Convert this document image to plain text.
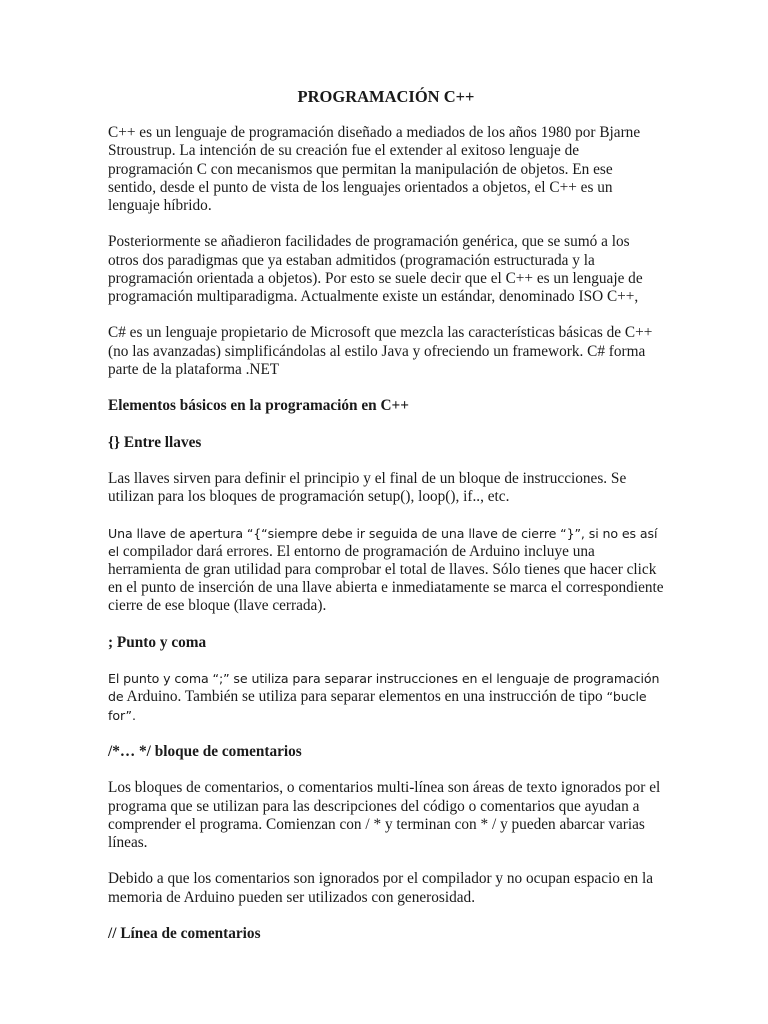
PROGRAMACIÓN C++

C++ es un lenguaje de programación diseñado a mediados de los años 1980 por Bjarne Stroustrup. La intención de su creación fue el extender al exitoso lenguaje de programación C con mecanismos que permitan la manipulación de objetos. En ese sentido, desde el punto de vista de los lenguajes orientados a objetos, el C++ es un lenguaje híbrido.

Posteriormente se añadieron facilidades de programación genérica, que se sumó a los otros dos paradigmas que ya estaban admitidos (programación estructurada y la programación orientada a objetos). Por esto se suele decir que el C++ es un lenguaje de programación multiparadigma. Actualmente existe un estándar, denominado ISO C++,

C# es un lenguaje propietario de Microsoft que mezcla las características básicas de C++ (no las avanzadas) simplificándolas al estilo Java y ofreciendo un framework. C# forma parte de la plataforma .NET

Elementos básicos en la programación en C++

{} Entre llaves

Las llaves sirven para definir el principio y el final de un bloque de instrucciones. Se utilizan para los bloques de programación setup(), loop(), if.., etc.

Una llave de apertura “{“siempre debe ir seguida de una llave de cierre “}”, si no es así el compilador dará errores. El entorno de programación de Arduino incluye una herramienta de gran utilidad para comprobar el total de llaves. Sólo tienes que hacer click en el punto de inserción de una llave abierta e inmediatamente se marca el correspondiente cierre de ese bloque (llave cerrada).

; Punto y coma

El punto y coma “;” se utiliza para separar instrucciones en el lenguaje de programación de Arduino. También se utiliza para separar elementos en una instrucción de tipo “bucle for”.

/*… */ bloque de comentarios

Los bloques de comentarios, o comentarios multi-línea son áreas de texto ignorados por el programa que se utilizan para las descripciones del código o comentarios que ayudan a comprender el programa. Comienzan con / * y terminan con * / y pueden abarcar varias líneas.

Debido a que los comentarios son ignorados por el compilador y no ocupan espacio en la memoria de Arduino pueden ser utilizados con generosidad.

// Línea de comentarios
